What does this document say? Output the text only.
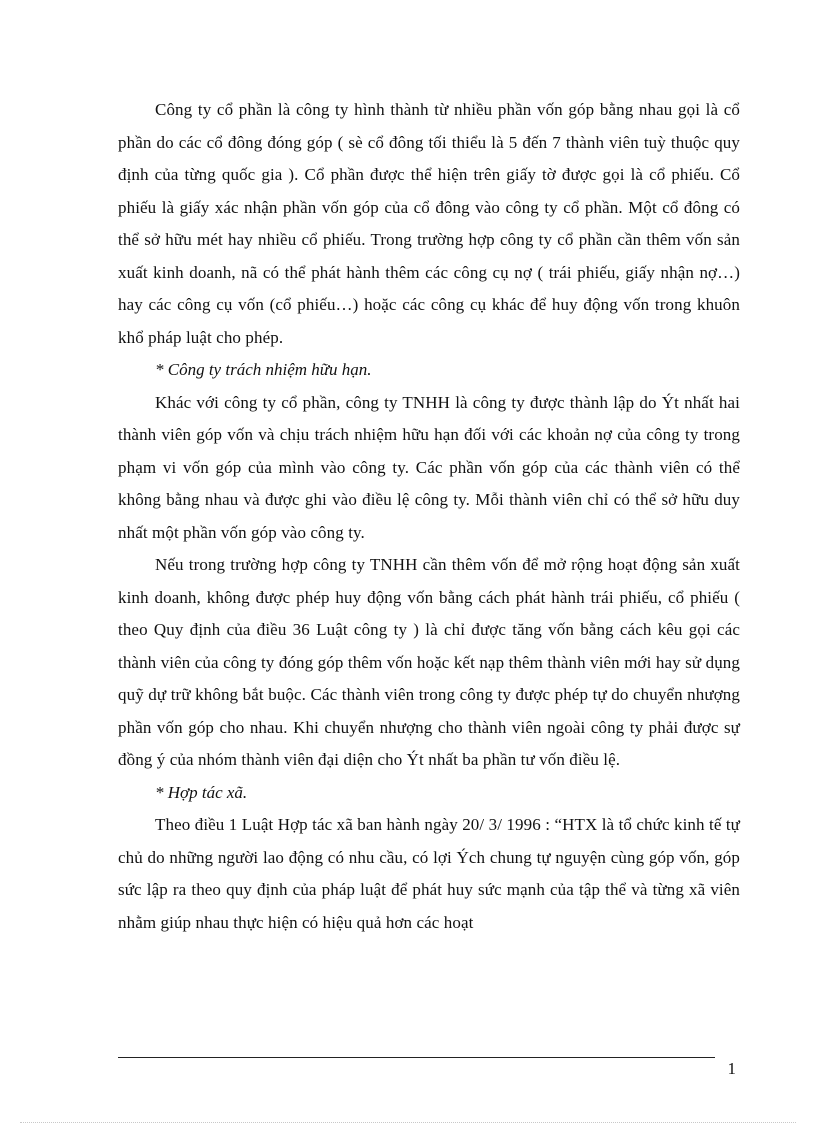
Công ty cổ phần là công ty hình thành từ nhiều phần vốn góp bằng nhau gọi là cổ phần do các cổ đông đóng góp ( sè cổ đông tối thiểu là 5 đến 7 thành viên tuỳ thuộc quy định của từng quốc gia ). Cổ phần được thể hiện trên giấy tờ được gọi là cổ phiếu. Cổ phiếu là giấy xác nhận phần vốn góp của cổ đông vào công ty cổ phần. Một cổ đông có thể sở hữu mét hay nhiều cổ phiếu. Trong trường hợp công ty cổ phần cần thêm vốn sản xuất kinh doanh, nã có thể phát hành thêm các công cụ nợ ( trái phiếu, giấy nhận nợ…) hay các công cụ vốn (cổ phiếu…) hoặc các công cụ khác để huy động vốn trong khuôn khổ pháp luật cho phép.

* Công ty trách nhiệm hữu hạn.

Khác với công ty cổ phần, công ty TNHH là công ty được thành lập do Ýt nhất hai thành viên góp vốn và chịu trách nhiệm hữu hạn đối với các khoản nợ của công ty trong phạm vi vốn góp của mình vào công ty. Các phần vốn góp của các thành viên có thể không bằng nhau và được ghi vào điều lệ công ty. Mỗi thành viên chỉ có thể sở hữu duy nhất một phần vốn góp vào công ty.

Nếu trong trường hợp công ty TNHH cần thêm vốn để mở rộng hoạt động sản xuất kinh doanh, không được phép huy động vốn bằng cách phát hành trái phiếu, cổ phiếu ( theo Quy định của điều 36 Luật công ty ) là chỉ được tăng vốn bằng cách kêu gọi các thành viên của công ty đóng góp thêm vốn hoặc kết nạp thêm thành viên mới hay sử dụng quỹ dự trữ không bắt buộc. Các thành viên trong công ty được phép tự do chuyển nhượng phần vốn góp cho nhau. Khi chuyển nhượng cho thành viên ngoài công ty phải được sự đồng ý của nhóm thành viên đại diện cho Ýt nhất ba phần tư vốn điều lệ.

* Hợp tác xã.

Theo điều 1 Luật Hợp tác xã ban hành ngày 20/ 3/ 1996 : “HTX là tổ chức kinh tế tự chủ do những người lao động có nhu cầu, có lợi Ých chung tự nguyện cùng góp vốn, góp sức lập ra theo quy định của pháp luật để phát huy sức mạnh của tập thể và từng xã viên nhằm giúp nhau thực hiện có hiệu quả hơn các hoạt

1
